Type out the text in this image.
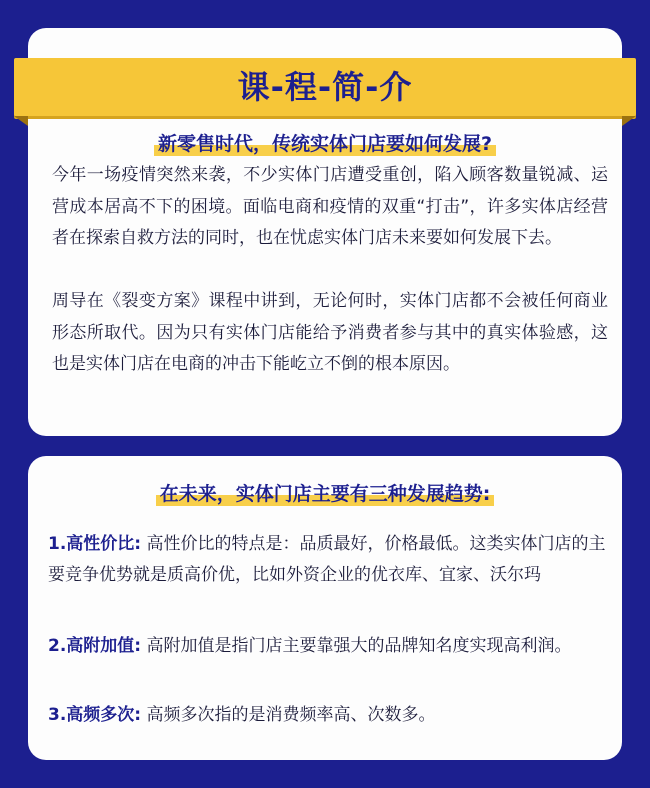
课-程-简-介
新零售时代，传统实体门店要如何发展?
今年一场疫情突然来袭，不少实体门店遭受重创，陷入顾客数量锐减、运营成本居高不下的困境。面临电商和疫情的双重“打击”，许多实体店经营者在探索自救方法的同时，也在忧虑实体门店未来要如何发展下去。
周导在《裂变方案》课程中讲到，无论何时，实体门店都不会被任何商业形态所取代。因为只有实体门店能给予消费者参与其中的真实体验感，这也是实体门店在电商的冲击下能屹立不倒的根本原因。
在未来，实体门店主要有三种发展趋势:
1.高性价比: 高性价比的特点是：品质最好，价格最低。这类实体门店的主要竞争优势就是质高价优，比如外资企业的优衣库、宜家、沃尔玛
2.高附加值: 高附加值是指门店主要靠强大的品牌知名度实现高利润。
3.高频多次: 高频多次指的是消费频率高、次数多。
